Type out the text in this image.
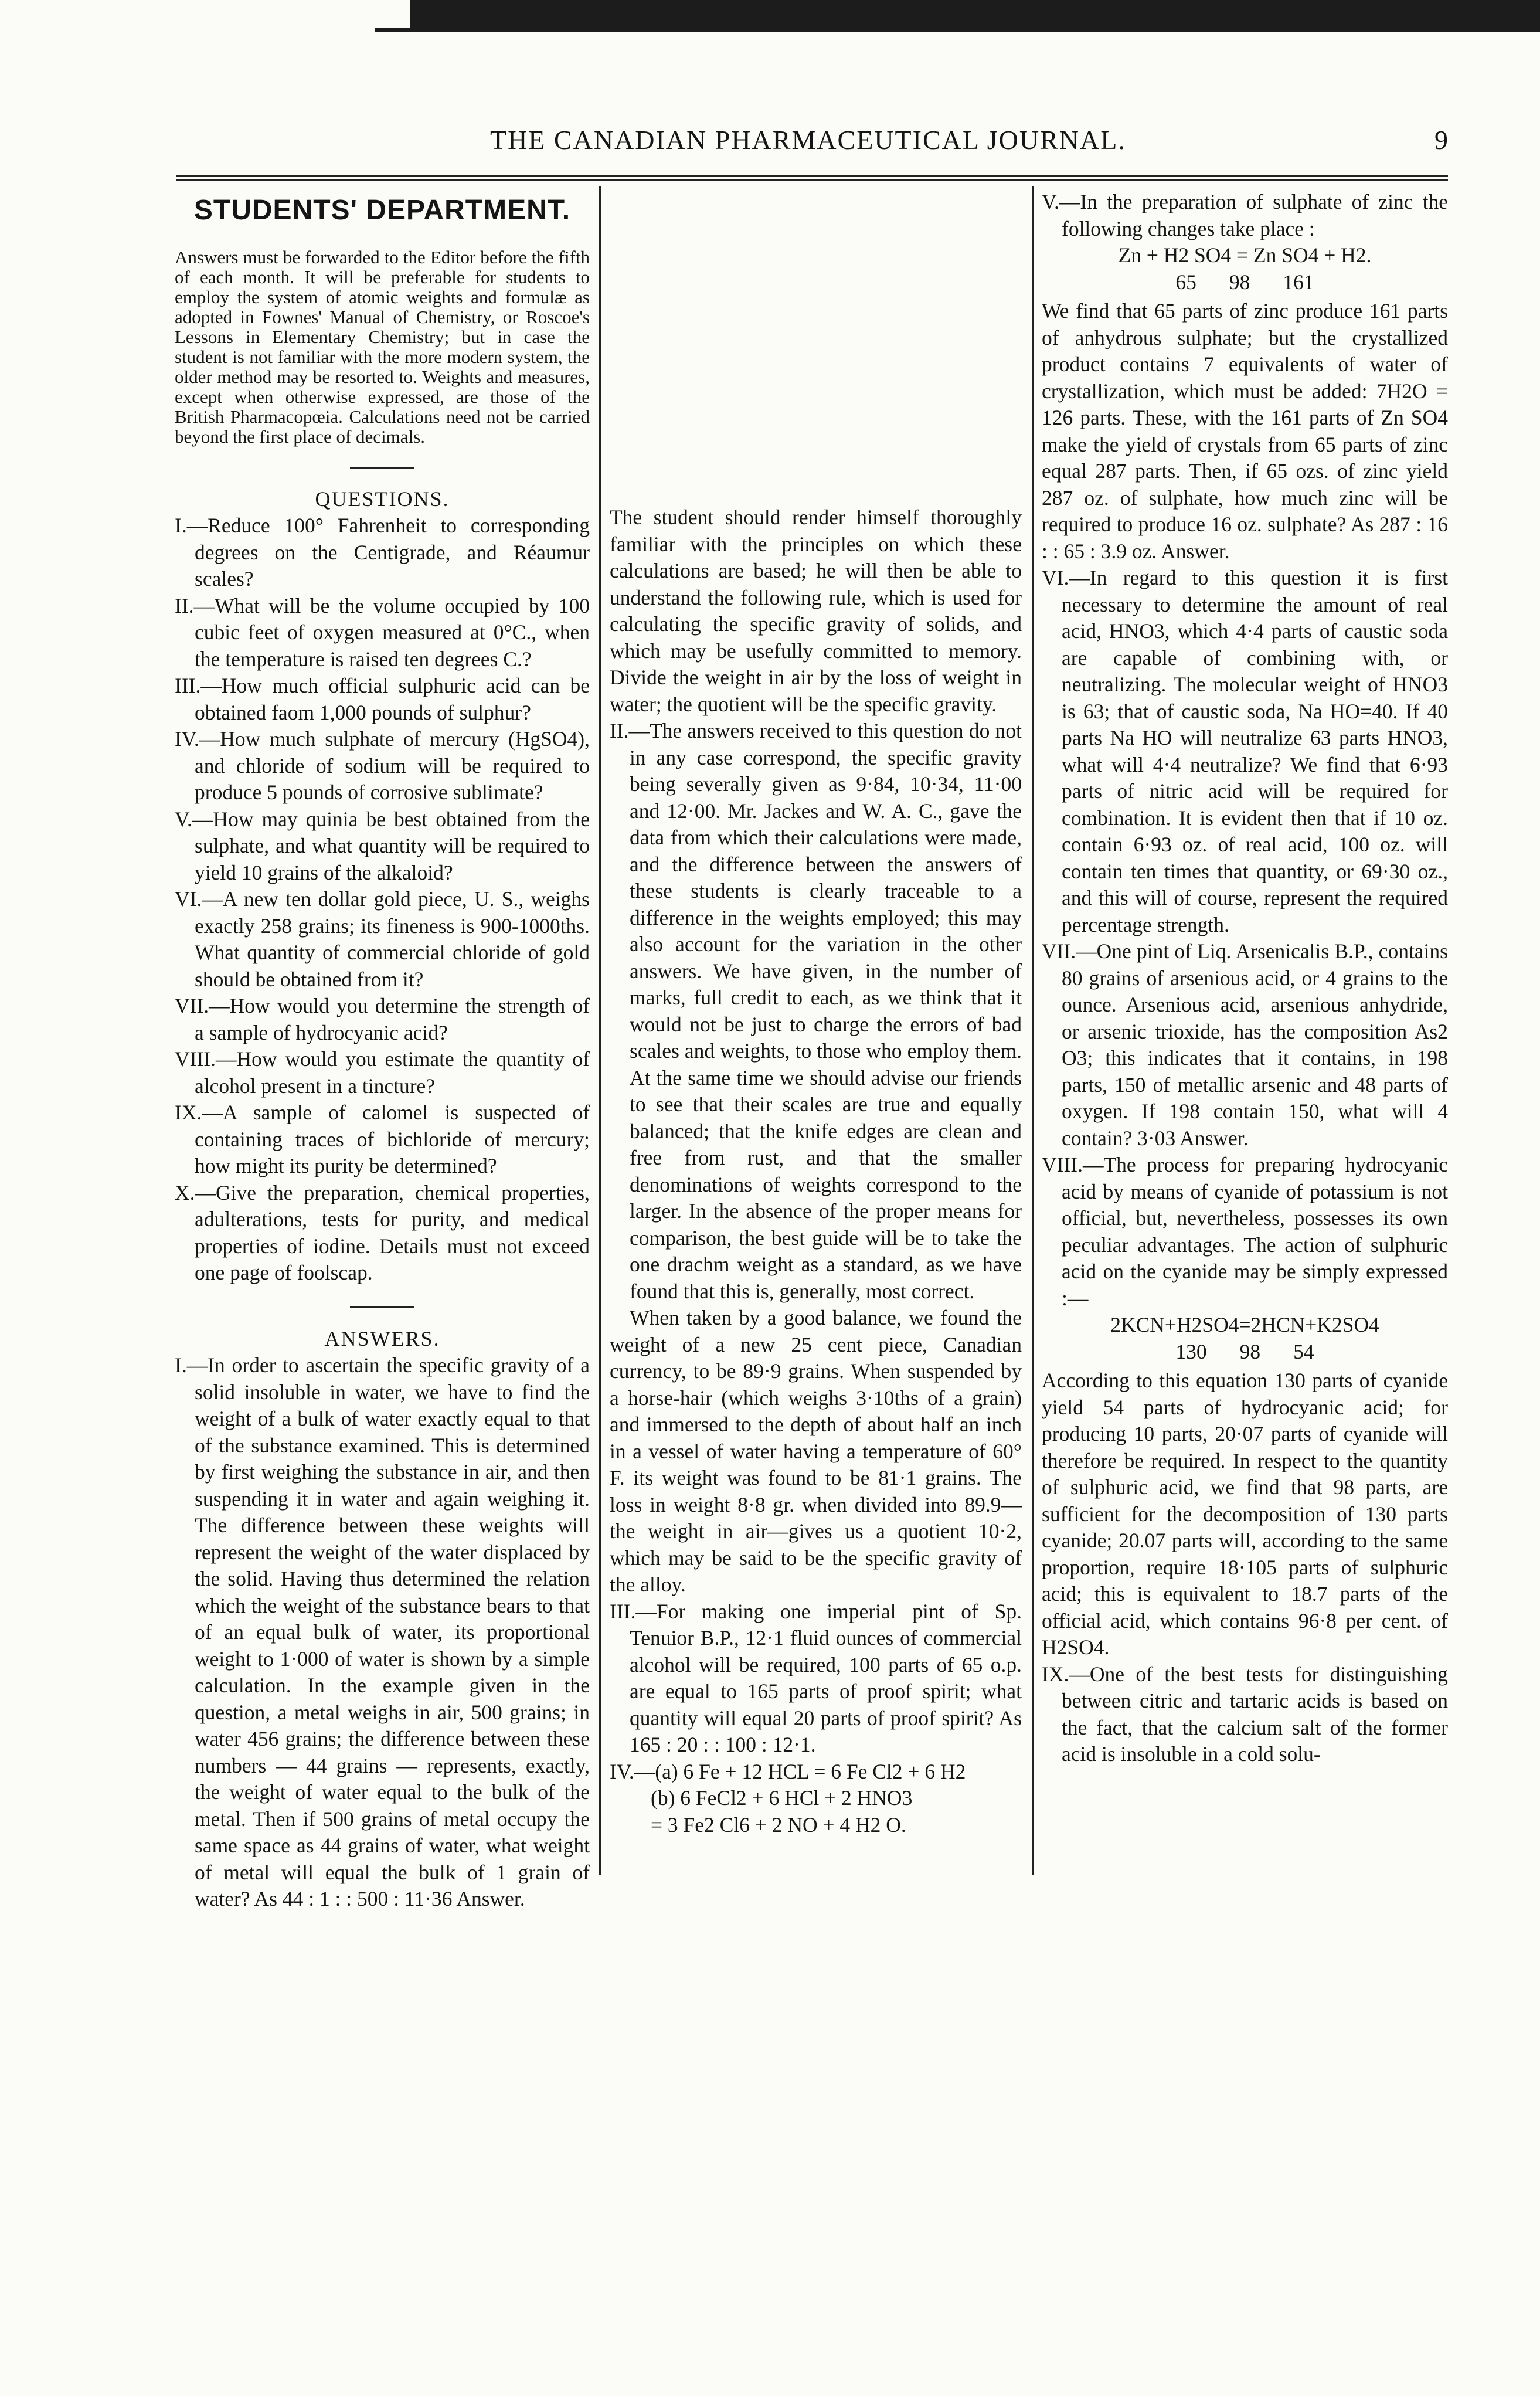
THE CANADIAN PHARMACEUTICAL JOURNAL.	9

STUDENTS' DEPARTMENT.

Answers must be forwarded to the Editor before the fifth of each month. It will be preferable for students to employ the system of atomic weights and formulæ as adopted in Fownes' Manual of Chemistry, or Roscoe's Lessons in Elementary Chemistry; but in case the student is not familiar with the more modern system, the older method may be resorted to. Weights and measures, except when otherwise expressed, are those of the British Pharmacopœia. Calculations need not be carried beyond the first place of decimals.

QUESTIONS.

I.—Reduce 100° Fahrenheit to corresponding degrees on the Centigrade, and Réaumur scales?

II.—What will be the volume occupied by 100 cubic feet of oxygen measured at 0°C., when the temperature is raised ten degrees C.?

III.—How much official sulphuric acid can be obtained faom 1,000 pounds of sulphur?

IV.—How much sulphate of mercury (HgSO4), and chloride of sodium will be required to produce 5 pounds of corrosive sublimate?

V.—How may quinia be best obtained from the sulphate, and what quantity will be required to yield 10 grains of the alkaloid?

VI.—A new ten dollar gold piece, U. S., weighs exactly 258 grains; its fineness is 900-1000ths. What quantity of commercial chloride of gold should be obtained from it?

VII.—How would you determine the strength of a sample of hydrocyanic acid?

VIII.—How would you estimate the quantity of alcohol present in a tincture?

IX.—A sample of calomel is suspected of containing traces of bichloride of mercury; how might its purity be determined?

X.—Give the preparation, chemical properties, adulterations, tests for purity, and medical properties of iodine. Details must not exceed one page of foolscap.

ANSWERS.

I.—In order to ascertain the specific gravity of a solid insoluble in water, we have to find the weight of a bulk of water exactly equal to that of the substance examined. This is determined by first weighing the substance in air, and then suspending it in water and again weighing it. The difference between these weights will represent the weight of the water displaced by the solid. Having thus determined the relation which the weight of the substance bears to that of an equal bulk of water, its proportional weight to 1·000 of water is shown by a simple calculation. In the example given in the question, a metal weighs in air, 500 grains; in water 456 grains; the difference between these numbers — 44 grains — represents, exactly, the weight of water equal to the bulk of the metal. Then if 500 grains of metal occupy the same space as 44 grains of water, what weight of metal will equal the bulk of 1 grain of water? As 44 : 1 : : 500 : 11·36 Answer.

The student should render himself thoroughly familiar with the principles on which these calculations are based; he will then be able to understand the following rule, which is used for calculating the specific gravity of solids, and which may be usefully committed to memory. Divide the weight in air by the loss of weight in water; the quotient will be the specific gravity.

II.—The answers received to this question do not in any case correspond, the specific gravity being severally given as 9·84, 10·34, 11·00 and 12·00. Mr. Jackes and W. A. C., gave the data from which their calculations were made, and the difference between the answers of these students is clearly traceable to a difference in the weights employed; this may also account for the variation in the other answers. We have given, in the number of marks, full credit to each, as we think that it would not be just to charge the errors of bad scales and weights, to those who employ them. At the same time we should advise our friends to see that their scales are true and equally balanced; that the knife edges are clean and free from rust, and that the smaller denominations of weights correspond to the larger. In the absence of the proper means for comparison, the best guide will be to take the one drachm weight as a standard, as we have found that this is, generally, most correct.

When taken by a good balance, we found the weight of a new 25 cent piece, Canadian currency, to be 89·9 grains. When suspended by a horse-hair (which weighs 3·10ths of a grain) and immersed to the depth of about half an inch in a vessel of water having a temperature of 60° F. its weight was found to be 81·1 grains. The loss in weight 8·8 gr. when divided into 89.9—the weight in air—gives us a quotient 10·2, which may be said to be the specific gravity of the alloy.

III.—For making one imperial pint of Sp. Tenuior B.P., 12·1 fluid ounces of commercial alcohol will be required, 100 parts of 65 o.p. are equal to 165 parts of proof spirit; what quantity will equal 20 parts of proof spirit? As 165 : 20 : : 100 : 12·1.

IV.—(a) 6 Fe + 12 HCL = 6 Fe Cl2 + 6 H2

(b) 6 FeCl2 + 6 HCl + 2 HNO3

= 3 Fe2 Cl6 + 2 NO + 4 H2 O.

V.—In the preparation of sulphate of zinc the following changes take place :

Zn + H2 SO4 = Zn SO4 + H2.

65 98 161

We find that 65 parts of zinc produce 161 parts of anhydrous sulphate; but the crystallized product contains 7 equivalents of water of crystallization, which must be added: 7H2O = 126 parts. These, with the 161 parts of Zn SO4 make the yield of crystals from 65 parts of zinc equal 287 parts. Then, if 65 ozs. of zinc yield 287 oz. of sulphate, how much zinc will be required to produce 16 oz. sulphate? As 287 : 16 : : 65 : 3.9 oz. Answer.

VI.—In regard to this question it is first necessary to determine the amount of real acid, HNO3, which 4·4 parts of caustic soda are capable of combining with, or neutralizing. The molecular weight of HNO3 is 63; that of caustic soda, Na HO=40. If 40 parts Na HO will neutralize 63 parts HNO3, what will 4·4 neutralize? We find that 6·93 parts of nitric acid will be required for combination. It is evident then that if 10 oz. contain 6·93 oz. of real acid, 100 oz. will contain ten times that quantity, or 69·30 oz., and this will of course, represent the required percentage strength.

VII.—One pint of Liq. Arsenicalis B.P., contains 80 grains of arsenious acid, or 4 grains to the ounce. Arsenious acid, arsenious anhydride, or arsenic trioxide, has the composition As2 O3; this indicates that it contains, in 198 parts, 150 of metallic arsenic and 48 parts of oxygen. If 198 contain 150, what will 4 contain? 3·03 Answer.

VIII.—The process for preparing hydrocyanic acid by means of cyanide of potassium is not official, but, nevertheless, possesses its own peculiar advantages. The action of sulphuric acid on the cyanide may be simply expressed :—

2KCN+H2SO4=2HCN+K2SO4

130 98 54

According to this equation 130 parts of cyanide yield 54 parts of hydrocyanic acid; for producing 10 parts, 20·07 parts of cyanide will therefore be required. In respect to the quantity of sulphuric acid, we find that 98 parts, are sufficient for the decomposition of 130 parts cyanide; 20.07 parts will, according to the same proportion, require 18·105 parts of sulphuric acid; this is equivalent to 18.7 parts of the official acid, which contains 96·8 per cent. of H2SO4.

IX.—One of the best tests for distinguishing between citric and tartaric acids is based on the fact, that the calcium salt of the former acid is insoluble in a cold solu-
